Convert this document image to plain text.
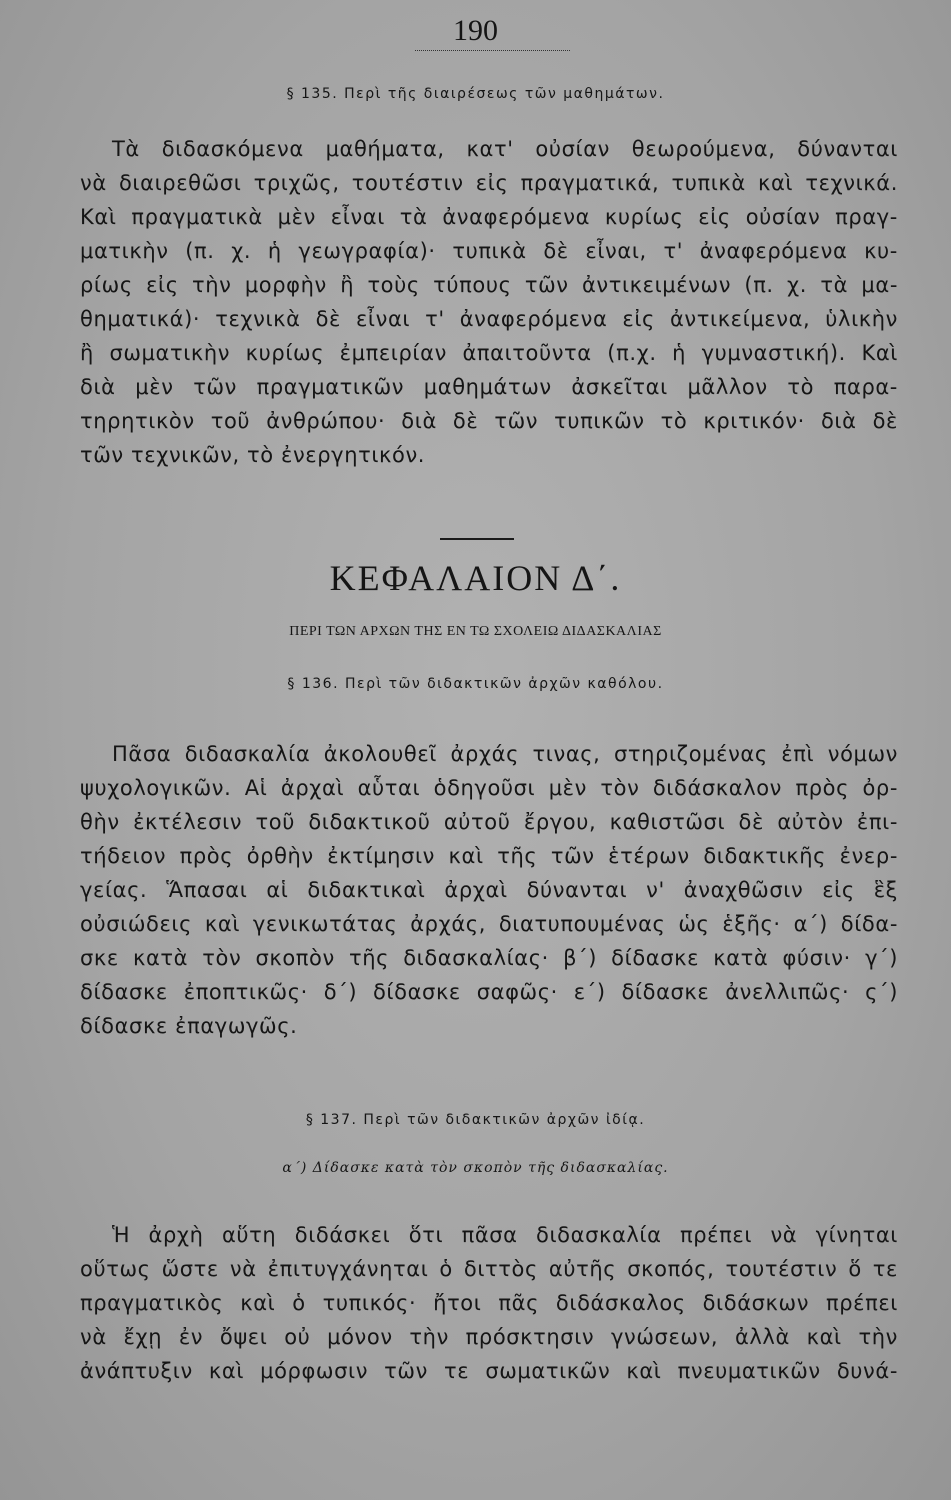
190
§ 135. Περὶ τῆς διαιρέσεως τῶν μαθημάτων.
Τὰ διδασκόμενα μαθήματα, κατ' οὐσίαν θεωρούμενα, δύνανται
νὰ διαιρεθῶσι τριχῶς, τουτέστιν εἰς πραγματικά, τυπικὰ καὶ τεχνικά.
Καὶ πραγματικὰ μὲν εἶναι τὰ ἀναφερόμενα κυρίως εἰς οὐσίαν πραγ-
ματικὴν (π. χ. ἡ γεωγραφία)· τυπικὰ δὲ εἶναι, τ' ἀναφερόμενα κυ-
ρίως εἰς τὴν μορφὴν ἢ τοὺς τύπους τῶν ἀντικειμένων (π. χ. τὰ μα-
θηματικά)· τεχνικὰ δὲ εἶναι τ' ἀναφερόμενα εἰς ἀντικείμενα, ὑλικὴν
ἢ σωματικὴν κυρίως ἐμπειρίαν ἀπαιτοῦντα (π.χ. ἡ γυμναστική). Καὶ
διὰ μὲν τῶν πραγματικῶν μαθημάτων ἀσκεῖται μᾶλλον τὸ παρα-
τηρητικὸν τοῦ ἀνθρώπου· διὰ δὲ τῶν τυπικῶν τὸ κριτικόν· διὰ δὲ
τῶν τεχνικῶν, τὸ ἐνεργητικόν.
ΚΕΦΑΛΑΙΟΝ Δ΄.
ΠΕΡΙ ΤΩΝ ΑΡΧΩΝ ΤΗΣ ΕΝ ΤΩ ΣΧΟΛΕΙΩ ΔΙΔΑΣΚΑΛΙΑΣ
§ 136. Περὶ τῶν διδακτικῶν ἀρχῶν καθόλου.
Πᾶσα διδασκαλία ἀκολουθεῖ ἀρχάς τινας, στηριζομένας ἐπὶ νόμων
ψυχολογικῶν. Αἱ ἀρχαὶ αὗται ὁδηγοῦσι μὲν τὸν διδάσκαλον πρὸς ὀρ-
θὴν ἐκτέλεσιν τοῦ διδακτικοῦ αὐτοῦ ἔργου, καθιστῶσι δὲ αὐτὸν ἐπι-
τήδειον πρὸς ὀρθὴν ἐκτίμησιν καὶ τῆς τῶν ἑτέρων διδακτικῆς ἐνερ-
γείας. Ἅπασαι αἱ διδακτικαὶ ἀρχαὶ δύνανται ν' ἀναχθῶσιν εἰς ἓξ
οὐσιώδεις καὶ γενικωτάτας ἀρχάς, διατυπουμένας ὡς ἑξῆς· α΄) δίδα-
σκε κατὰ τὸν σκοπὸν τῆς διδασκαλίας· β΄) δίδασκε κατὰ φύσιν· γ΄)
δίδασκε ἐποπτικῶς· δ΄) δίδασκε σαφῶς· ε΄) δίδασκε ἀνελλιπῶς· ς΄)
δίδασκε ἐπαγωγῶς.
§ 137. Περὶ τῶν διδακτικῶν ἀρχῶν ἰδίᾳ.
α΄) Δίδασκε κατὰ τὸν σκοπὸν τῆς διδασκαλίας.
Ἡ ἀρχὴ αὕτη διδάσκει ὅτι πᾶσα διδασκαλία πρέπει νὰ γίνηται
οὕτως ὥστε νὰ ἐπιτυγχάνηται ὁ διττὸς αὐτῆς σκοπός, τουτέστιν ὅ τε
πραγματικὸς καὶ ὁ τυπικός· ἤτοι πᾶς διδάσκαλος διδάσκων πρέπει
νὰ ἔχῃ ἐν ὄψει οὐ μόνον τὴν πρόσκτησιν γνώσεων, ἀλλὰ καὶ τὴν
ἀνάπτυξιν καὶ μόρφωσιν τῶν τε σωματικῶν καὶ πνευματικῶν δυνά-
